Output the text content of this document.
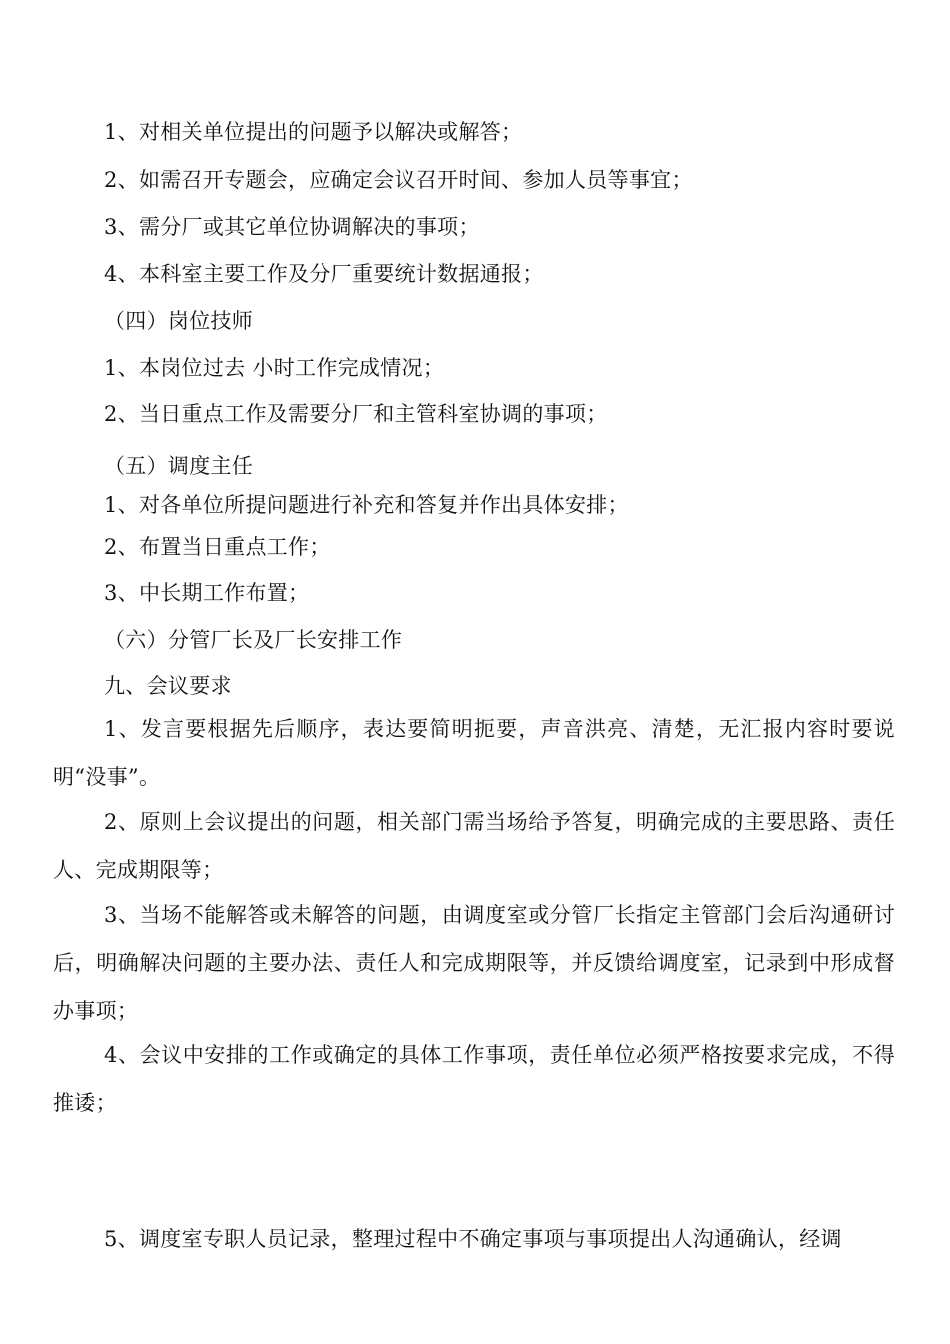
1、对相关单位提出的问题予以解决或解答；
2、如需召开专题会，应确定会议召开时间、参加人员等事宜；
3、需分厂或其它单位协调解决的事项；
4、本科室主要工作及分厂重要统计数据通报；
（四）岗位技师
1、本岗位过去 小时工作完成情况；
2、当日重点工作及需要分厂和主管科室协调的事项；
（五）调度主任
1、对各单位所提问题进行补充和答复并作出具体安排；
2、布置当日重点工作；
3、中长期工作布置；
（六）分管厂长及厂长安排工作
九、会议要求
1、发言要根据先后顺序，表达要简明扼要，声音洪亮、清楚，无汇报内容时要说明“没事”。
2、原则上会议提出的问题，相关部门需当场给予答复，明确完成的主要思路、责任人、完成期限等；
3、当场不能解答或未解答的问题，由调度室或分管厂长指定主管部门会后沟通研讨后，明确解决问题的主要办法、责任人和完成期限等，并反馈给调度室，记录到中形成督办事项；
4、会议中安排的工作或确定的具体工作事项，责任单位必须严格按要求完成，不得推诿；
5、调度室专职人员记录，整理过程中不确定事项与事项提出人沟通确认，经调
